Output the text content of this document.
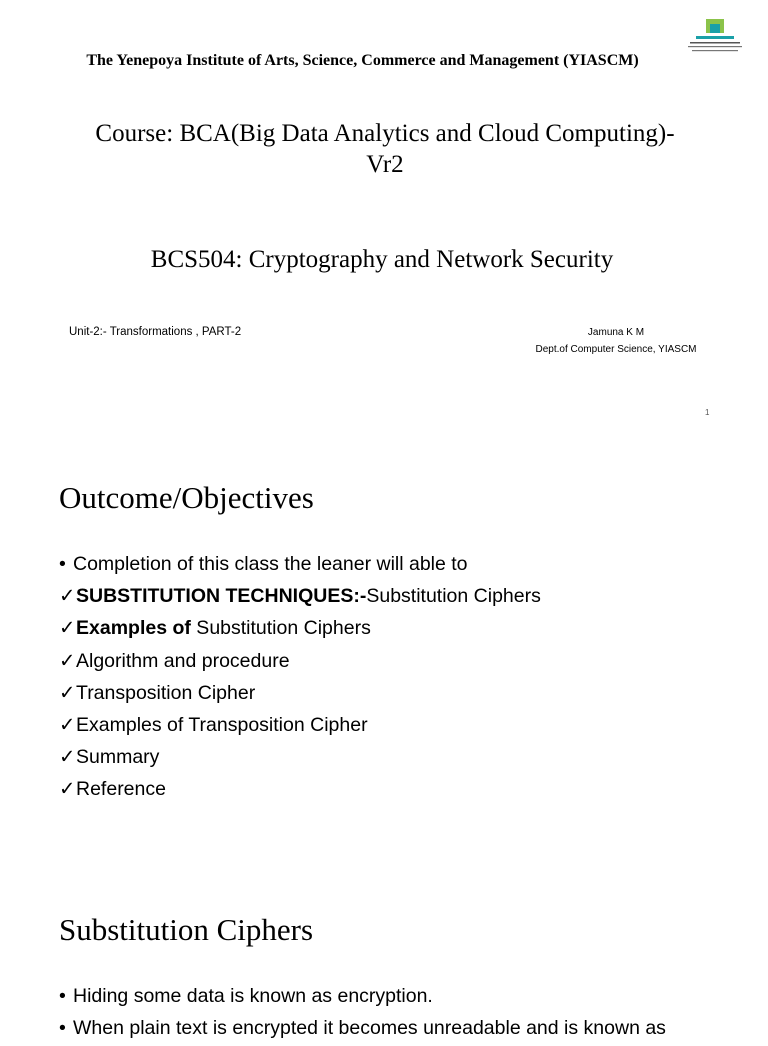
The Yenepoya Institute of Arts, Science, Commerce and Management (YIASCM)
Course: BCA(Big Data Analytics and Cloud Computing)-
Vr2
BCS504: Cryptography and Network Security
Unit-2:- Transformations , PART-2	Jamuna K M
Dept.of Computer Science, YIASCM
1
Outcome/Objectives
• Completion of this class the leaner will able to
✓SUBSTITUTION TECHNIQUES:-Substitution Ciphers
✓Examples of Substitution Ciphers
✓Algorithm and procedure
✓Transposition Cipher
✓Examples of Transposition Cipher
✓Summary
✓Reference
Substitution Ciphers
• Hiding some data is known as encryption.
• When plain text is encrypted it becomes unreadable and is known as
